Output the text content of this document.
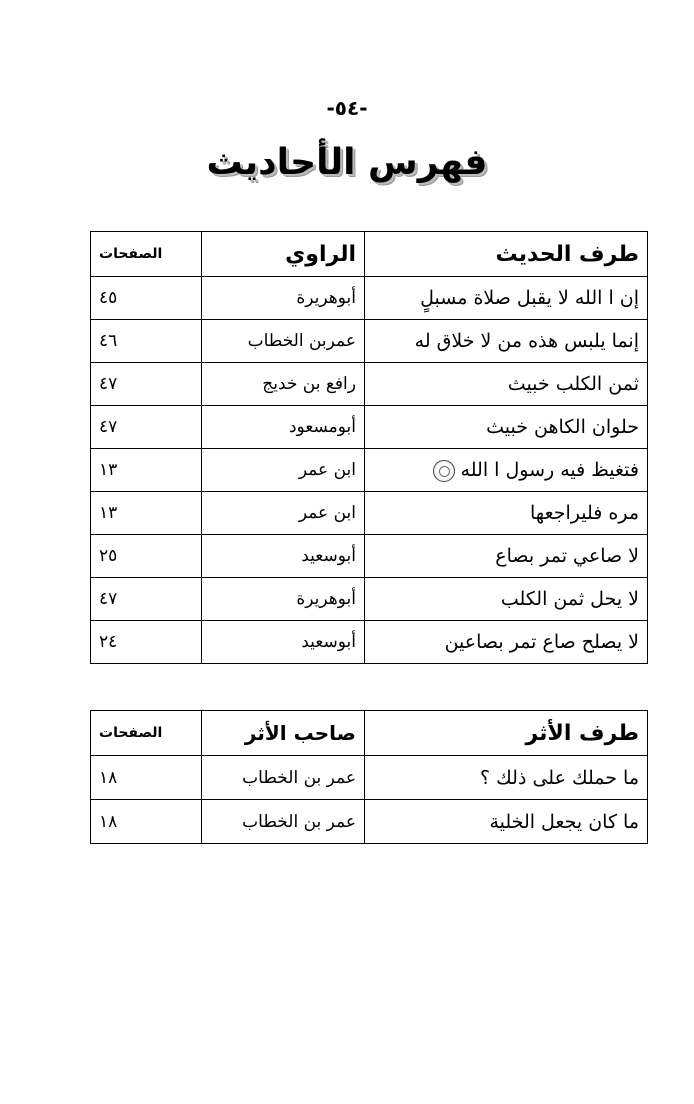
-٥٤-
فهرس الأحاديث
طرف الحديث	الراوي	الصفحات
إن ا الله لا يقبل صلاة مسبلٍ	أبوهريرة	٤٥
إنما يلبس هذه من لا خلاق له	عمربن الخطاب	٤٦
ثمن الكلب خبيث	رافع بن خديج	٤٧
حلوان الكاهن خبيث	أبومسعود	٤٧
فتغيظ فيه رسول ا الله	ابن عمر	١٣
مره فليراجعها	ابن عمر	١٣
لا صاعي تمر بصاع	أبوسعيد	٢٥
لا يحل ثمن الكلب	أبوهريرة	٤٧
لا يصلح صاع تمر بصاعين	أبوسعيد	٢٤
طرف الأثر	صاحب الأثر	الصفحات
ما حملك على ذلك ؟	عمر بن الخطاب	١٨
ما كان يجعل الخلية	عمر بن الخطاب	١٨
